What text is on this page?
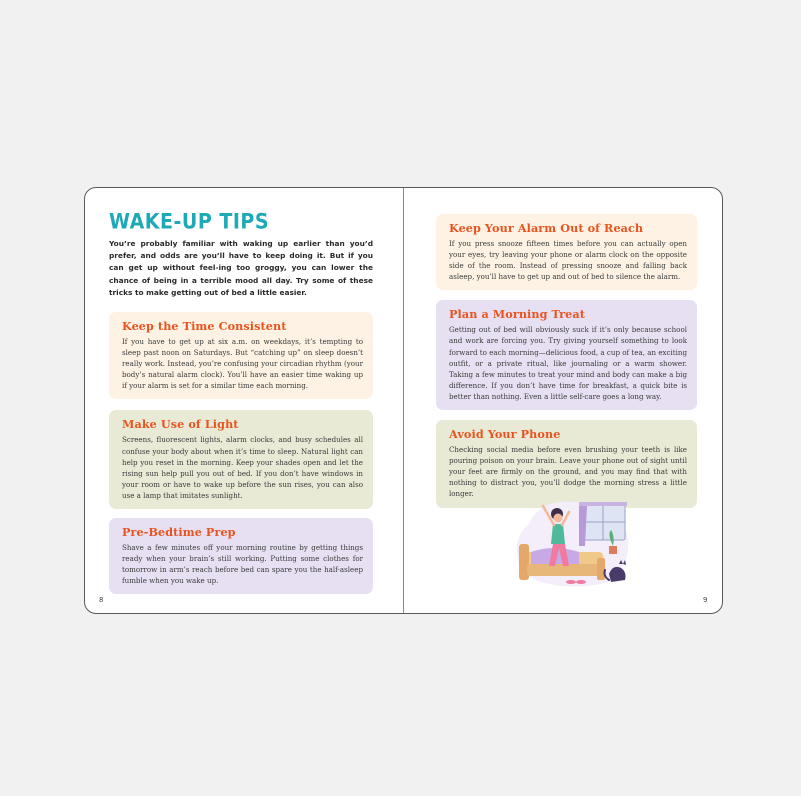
WAKE-UP TIPS

You’re probably familiar with waking up earlier than you’d prefer, and odds are you’ll have to keep doing it. But if you can get up without feel-ing too groggy, you can lower the chance of being in a terrible mood all day. Try some of these tricks to make getting out of bed a little easier.

Keep the Time Consistent

If you have to get up at six a.m. on weekdays, it’s tempting to sleep past noon on Saturdays. But “catching up” on sleep doesn’t really work. Instead, you’re confusing your circadian rhythm (your body’s natural alarm clock). You’ll have an easier time waking up if your alarm is set for a similar time each morning.

Make Use of Light

Screens, fluorescent lights, alarm clocks, and busy schedules all confuse your body about when it’s time to sleep. Natural light can help you reset in the morning. Keep your shades open and let the rising sun help pull you out of bed. If you don’t have windows in your room or have to wake up before the sun rises, you can also use a lamp that imitates sunlight.

Pre-Bedtime Prep

Shave a few minutes off your morning routine by getting things ready when your brain’s still working. Putting some clothes for tomorrow in arm’s reach before bed can spare you the half-asleep fumble when you wake up.

8
Keep Your Alarm Out of Reach

If you press snooze fifteen times before you can actually open your eyes, try leaving your phone or alarm clock on the opposite side of the room. Instead of pressing snooze and falling back asleep, you’ll have to get up and out of bed to silence the alarm.

Plan a Morning Treat

Getting out of bed will obviously suck if it’s only because school and work are forcing you. Try giving yourself something to look forward to each morning—delicious food, a cup of tea, an exciting outfit, or a private ritual, like journaling or a warm shower. Taking a few minutes to treat your mind and body can make a big difference. If you don’t have time for breakfast, a quick bite is better than nothing. Even a little self-care goes a long way.

Avoid Your Phone

Checking social media before even brushing your teeth is like pouring poison on your brain. Leave your phone out of sight until your feet are firmly on the ground, and you may find that with nothing to distract you, you’ll dodge the morning stress a little longer.

9
